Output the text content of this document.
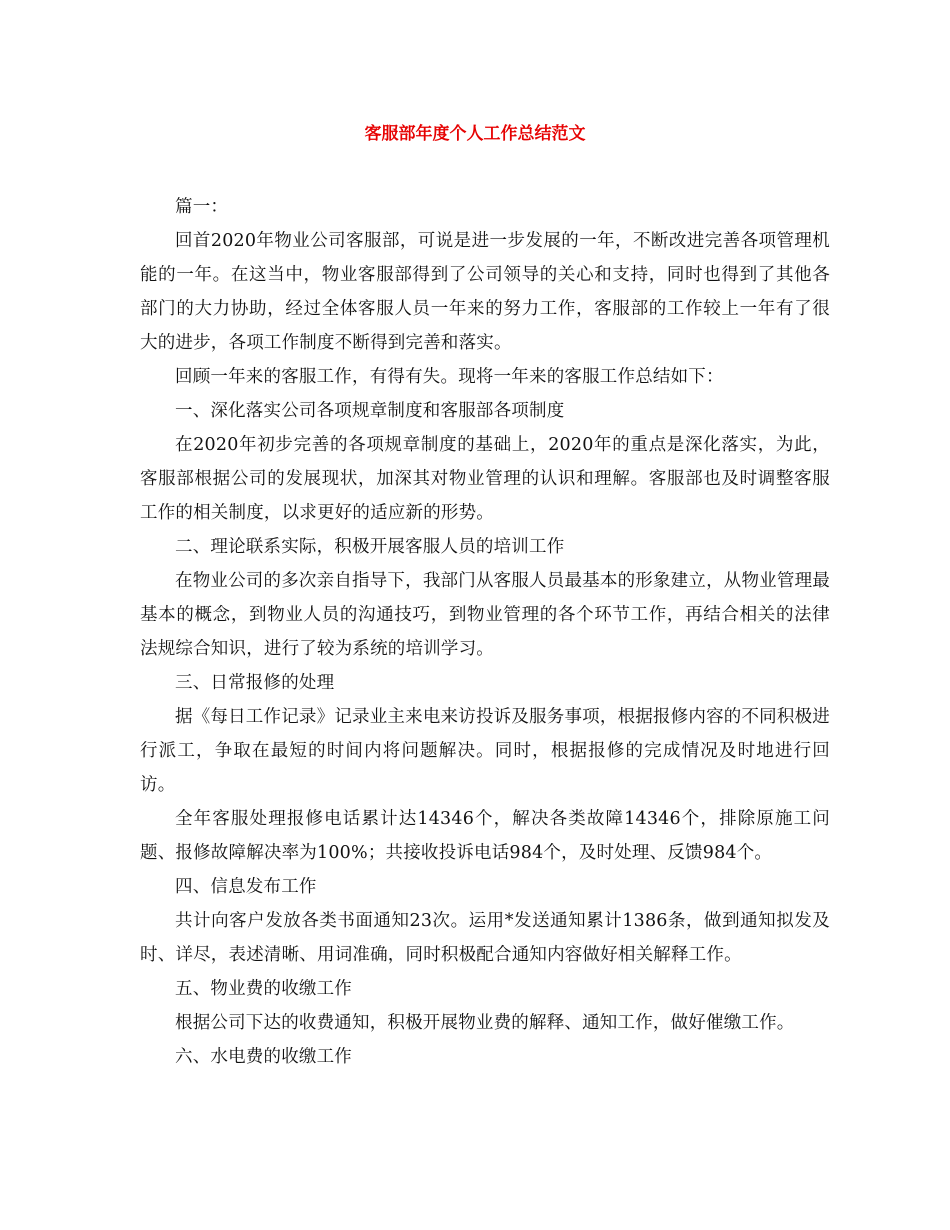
客服部年度个人工作总结范文

篇一：

回首2020年物业公司客服部，可说是进一步发展的一年，不断改进完善各项管理机能的一年。在这当中，物业客服部得到了公司领导的关心和支持，同时也得到了其他各部门的大力协助，经过全体客服人员一年来的努力工作，客服部的工作较上一年有了很大的进步，各项工作制度不断得到完善和落实。

回顾一年来的客服工作，有得有失。现将一年来的客服工作总结如下：

一、深化落实公司各项规章制度和客服部各项制度

在2020年初步完善的各项规章制度的基础上，2020年的重点是深化落实，为此，客服部根据公司的发展现状，加深其对物业管理的认识和理解。客服部也及时调整客服工作的相关制度，以求更好的适应新的形势。

二、理论联系实际，积极开展客服人员的培训工作

在物业公司的多次亲自指导下，我部门从客服人员最基本的形象建立，从物业管理最基本的概念，到物业人员的沟通技巧，到物业管理的各个环节工作，再结合相关的法律法规综合知识，进行了较为系统的培训学习。

三、日常报修的处理

据《每日工作记录》记录业主来电来访投诉及服务事项，根据报修内容的不同积极进行派工，争取在最短的时间内将问题解决。同时，根据报修的完成情况及时地进行回访。

全年客服处理报修电话累计达14346个，解决各类故障14346个，排除原施工问题、报修故障解决率为100%；共接收投诉电话984个，及时处理、反馈984个。

四、信息发布工作

共计向客户发放各类书面通知23次。运用*发送通知累计1386条，做到通知拟发及时、详尽，表述清晰、用词准确，同时积极配合通知内容做好相关解释工作。

五、物业费的收缴工作

根据公司下达的收费通知，积极开展物业费的解释、通知工作，做好催缴工作。

六、水电费的收缴工作
